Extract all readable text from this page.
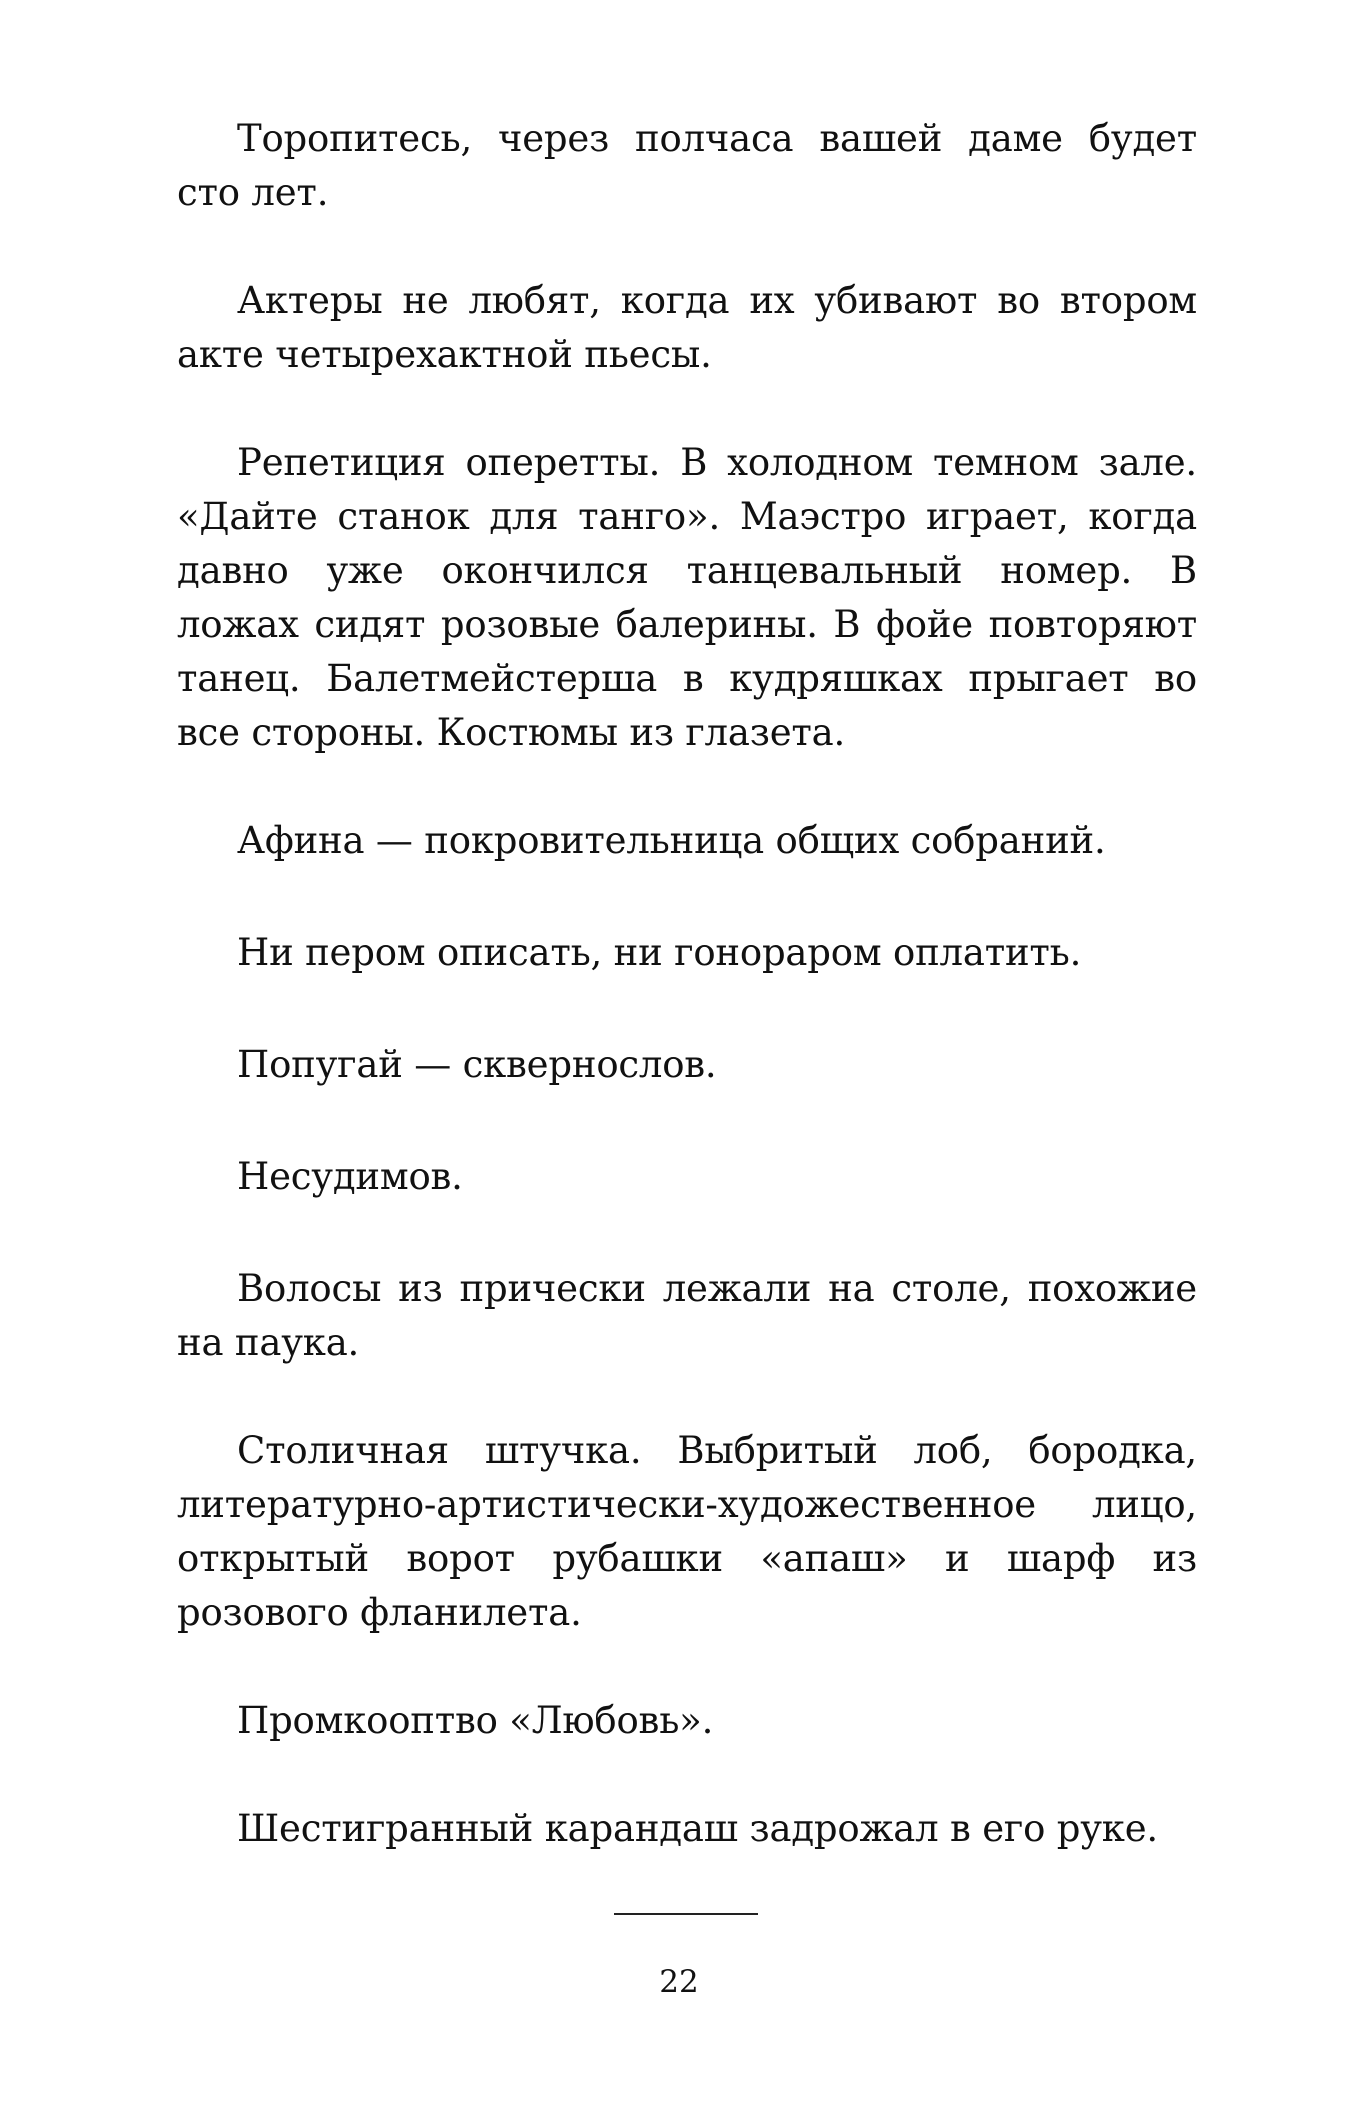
Торопитесь, через полчаса вашей даме будет сто лет.

Актеры не любят, когда их убивают во втором акте четырехактной пьесы.

Репетиция оперетты. В холодном темном зале. «Дайте станок для танго». Маэстро играет, когда давно уже окончился танцевальный номер. В ложах сидят розовые балерины. В фойе повторяют танец. Балетмейстерша в кудряшках прыгает во все стороны. Костюмы из глазета.

Афина — покровительница общих собраний.

Ни пером описать, ни гонораром оплатить.

Попугай — сквернослов.

Несудимов.

Волосы из прически лежали на столе, похожие на паука.

Столичная штучка. Выбритый лоб, бородка, литературно-артистически-художественное лицо, открытый ворот рубашки «апаш» и шарф из розового фланилета.

Промкооптво «Любовь».

Шестигранный карандаш задрожал в его руке.

22
